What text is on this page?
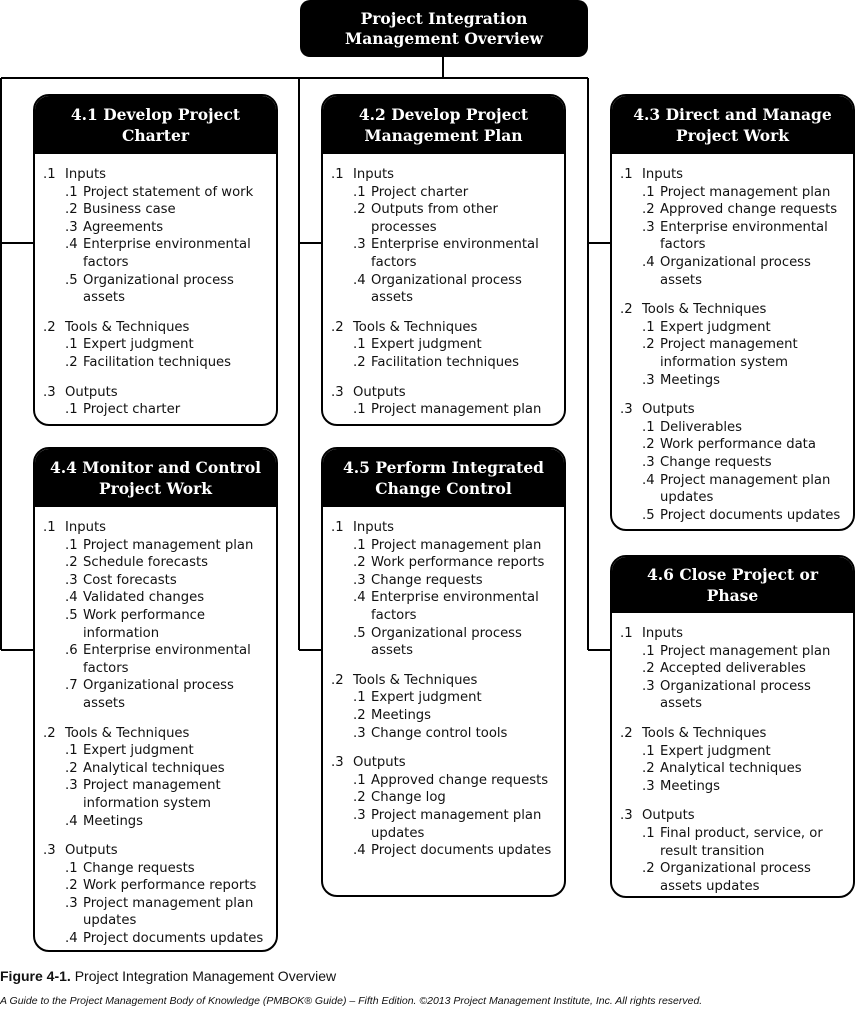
Project Integration
Management Overview
4.1 Develop Project
Charter
.1 Inputs
.1 Project statement of work
.2 Business case
.3 Agreements
.4 Enterprise environmental factors
.5 Organizational process assets
.2 Tools & Techniques
.1 Expert judgment
.2 Facilitation techniques
.3 Outputs
.1 Project charter
4.2 Develop Project
Management Plan
.1 Inputs
.1 Project charter
.2 Outputs from other processes
.3 Enterprise environmental factors
.4 Organizational process assets
.2 Tools & Techniques
.1 Expert judgment
.2 Facilitation techniques
.3 Outputs
.1 Project management plan
4.3 Direct and Manage
Project Work
.1 Inputs
.1 Project management plan
.2 Approved change requests
.3 Enterprise environmental factors
.4 Organizational process assets
.2 Tools & Techniques
.1 Expert judgment
.2 Project management information system
.3 Meetings
.3 Outputs
.1 Deliverables
.2 Work performance data
.3 Change requests
.4 Project management plan updates
.5 Project documents updates
4.4 Monitor and Control
Project Work
.1 Inputs
.1 Project management plan
.2 Schedule forecasts
.3 Cost forecasts
.4 Validated changes
.5 Work performance information
.6 Enterprise environmental factors
.7 Organizational process assets
.2 Tools & Techniques
.1 Expert judgment
.2 Analytical techniques
.3 Project management information system
.4 Meetings
.3 Outputs
.1 Change requests
.2 Work performance reports
.3 Project management plan updates
.4 Project documents updates
4.5 Perform Integrated
Change Control
.1 Inputs
.1 Project management plan
.2 Work performance reports
.3 Change requests
.4 Enterprise environmental factors
.5 Organizational process assets
.2 Tools & Techniques
.1 Expert judgment
.2 Meetings
.3 Change control tools
.3 Outputs
.1 Approved change requests
.2 Change log
.3 Project management plan updates
.4 Project documents updates
4.6 Close Project or
Phase
.1 Inputs
.1 Project management plan
.2 Accepted deliverables
.3 Organizational process assets
.2 Tools & Techniques
.1 Expert judgment
.2 Analytical techniques
.3 Meetings
.3 Outputs
.1 Final product, service, or result transition
.2 Organizational process assets updates
Figure 4-1. Project Integration Management Overview
A Guide to the Project Management Body of Knowledge (PMBOK® Guide) – Fifth Edition. ©2013 Project Management Institute, Inc. All rights reserved.
